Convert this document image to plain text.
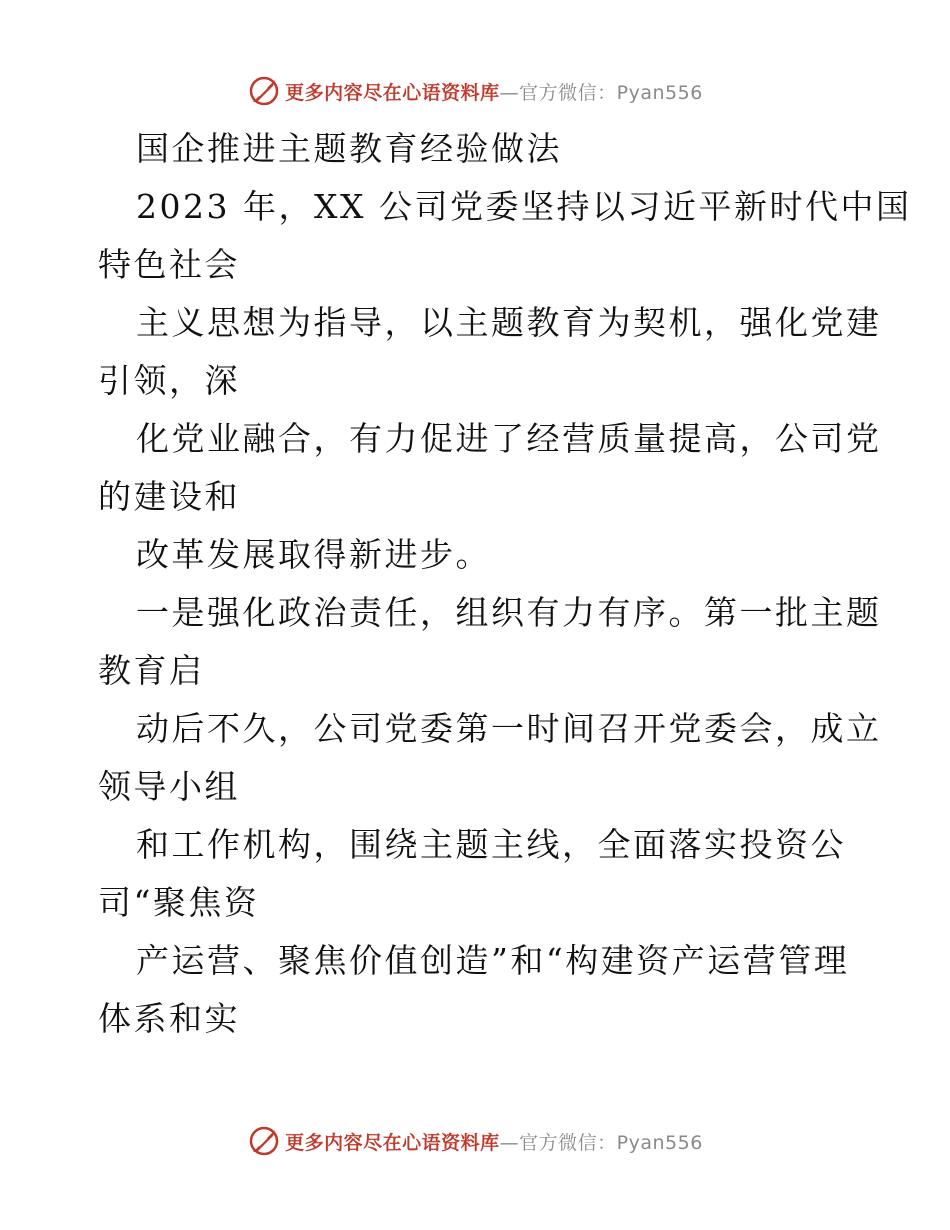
更多内容尽在心语资料库 —官方微信：Pyan556
国企推进主题教育经验做法
2023 年，XX 公司党委坚持以习近平新时代中国
特色社会
主义思想为指导，以主题教育为契机，强化党建
引领，深
化党业融合，有力促进了经营质量提高，公司党
的建设和
改革发展取得新进步。
一是强化政治责任，组织有力有序。第一批主题
教育启
动后不久，公司党委第一时间召开党委会，成立
领导小组
和工作机构，围绕主题主线，全面落实投资公
司“聚焦资
产运营、聚焦价值创造”和“构建资产运营管理
体系和实
更多内容尽在心语资料库 —官方微信：Pyan556
